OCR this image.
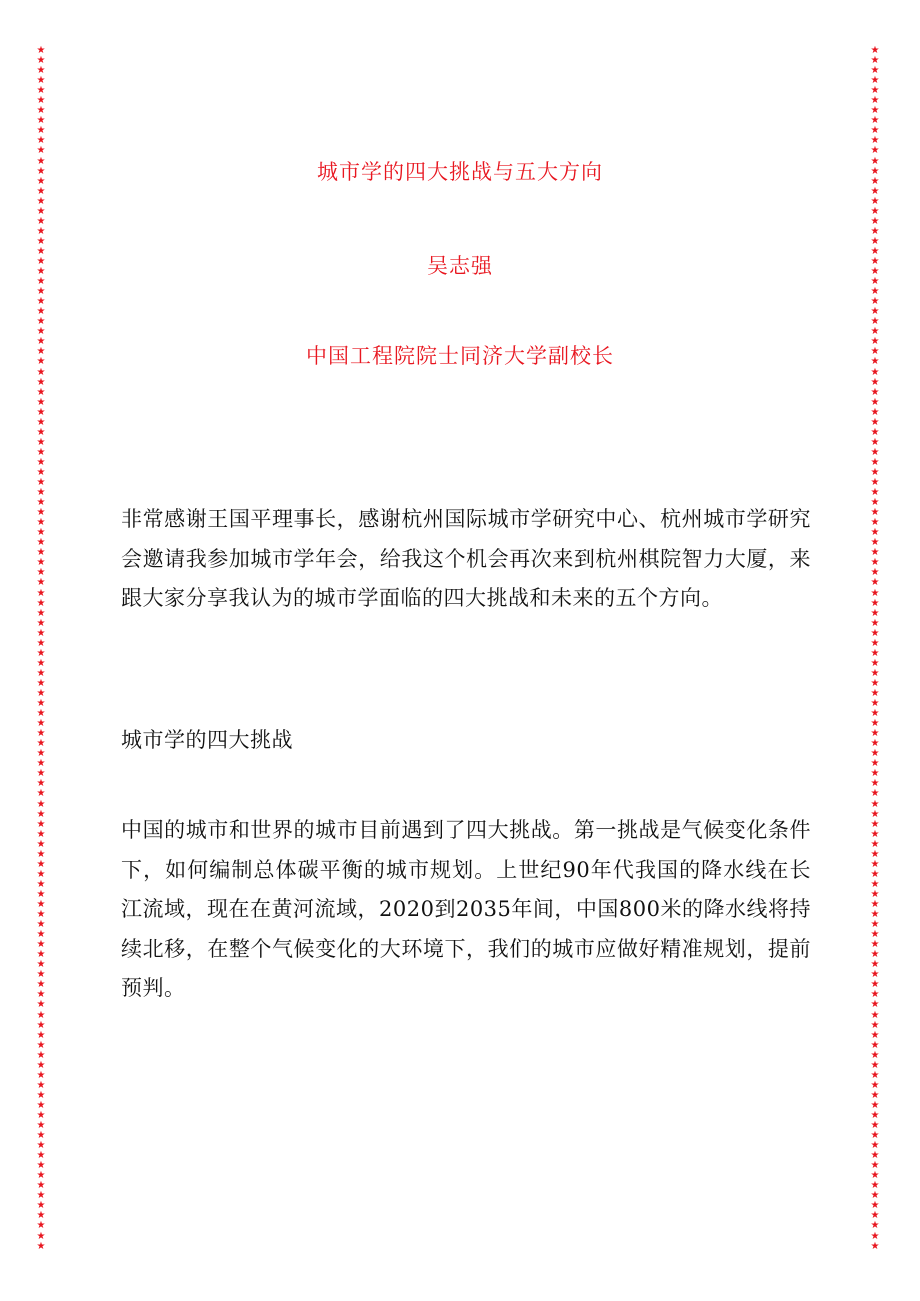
★
★
★
★
★
★
★
★
★
★
★
★
★
★
★
★
★
★
★
★
★
★
★
★
★
★
★
★
★
★
★
★
★
★
★
★
★
★
★
★
★
★
★
★
★
★
★
★
★
★
★
★
★
★
★
★
★
★
★
★
★
★
★
★
★
★
★
★
★
★
★
★
★
★
★
★
★
★
★
★
★
★
★
★
★
★
★
★
★
★
★
★
★
★
★
★
★
★
★
★
★
★
★
★
★
★
★
★
★
★
★
★
★
★
★
★
★
★
★
★
★
★
★
★
★
★
★
★
★
★
★
★
★
★
★
★
★
★
★
★
★
★
★
★
★
★
★
★
★
★
★
★
★
★
★
★
★
★
★
★
★
★
★
★
★
★
★
★
★
★
★
★
★
★
★
★
★
★
★
★
★
★
★
★
★
★
★
★
★
★
★
★
★
★
★
★
★
★
★
★
★
★
★
★
★
★
★
★
★
★
★
★
★
★
★
★
★
★
★
★
★
★
★
★
★
★
★
★
★
★
★
★
★
★
★
★
★
★
★
★
城市学的四大挑战与五大方向
吴志强
中国工程院院士同济大学副校长
非常感谢王国平理事长，感谢杭州国际城市学研究中心、杭州城市学研究会邀请我参加城市学年会，给我这个机会再次来到杭州棋院智力大厦，来跟大家分享我认为的城市学面临的四大挑战和未来的五个方向。
城市学的四大挑战
中国的城市和世界的城市目前遇到了四大挑战。第一挑战是气候变化条件下，如何编制总体碳平衡的城市规划。上世纪90年代我国的降水线在长江流域，现在在黄河流域，2020到2035年间，中国800米的降水线将持续北移，在整个气候变化的大环境下，我们的城市应做好精准规划，提前预判。
